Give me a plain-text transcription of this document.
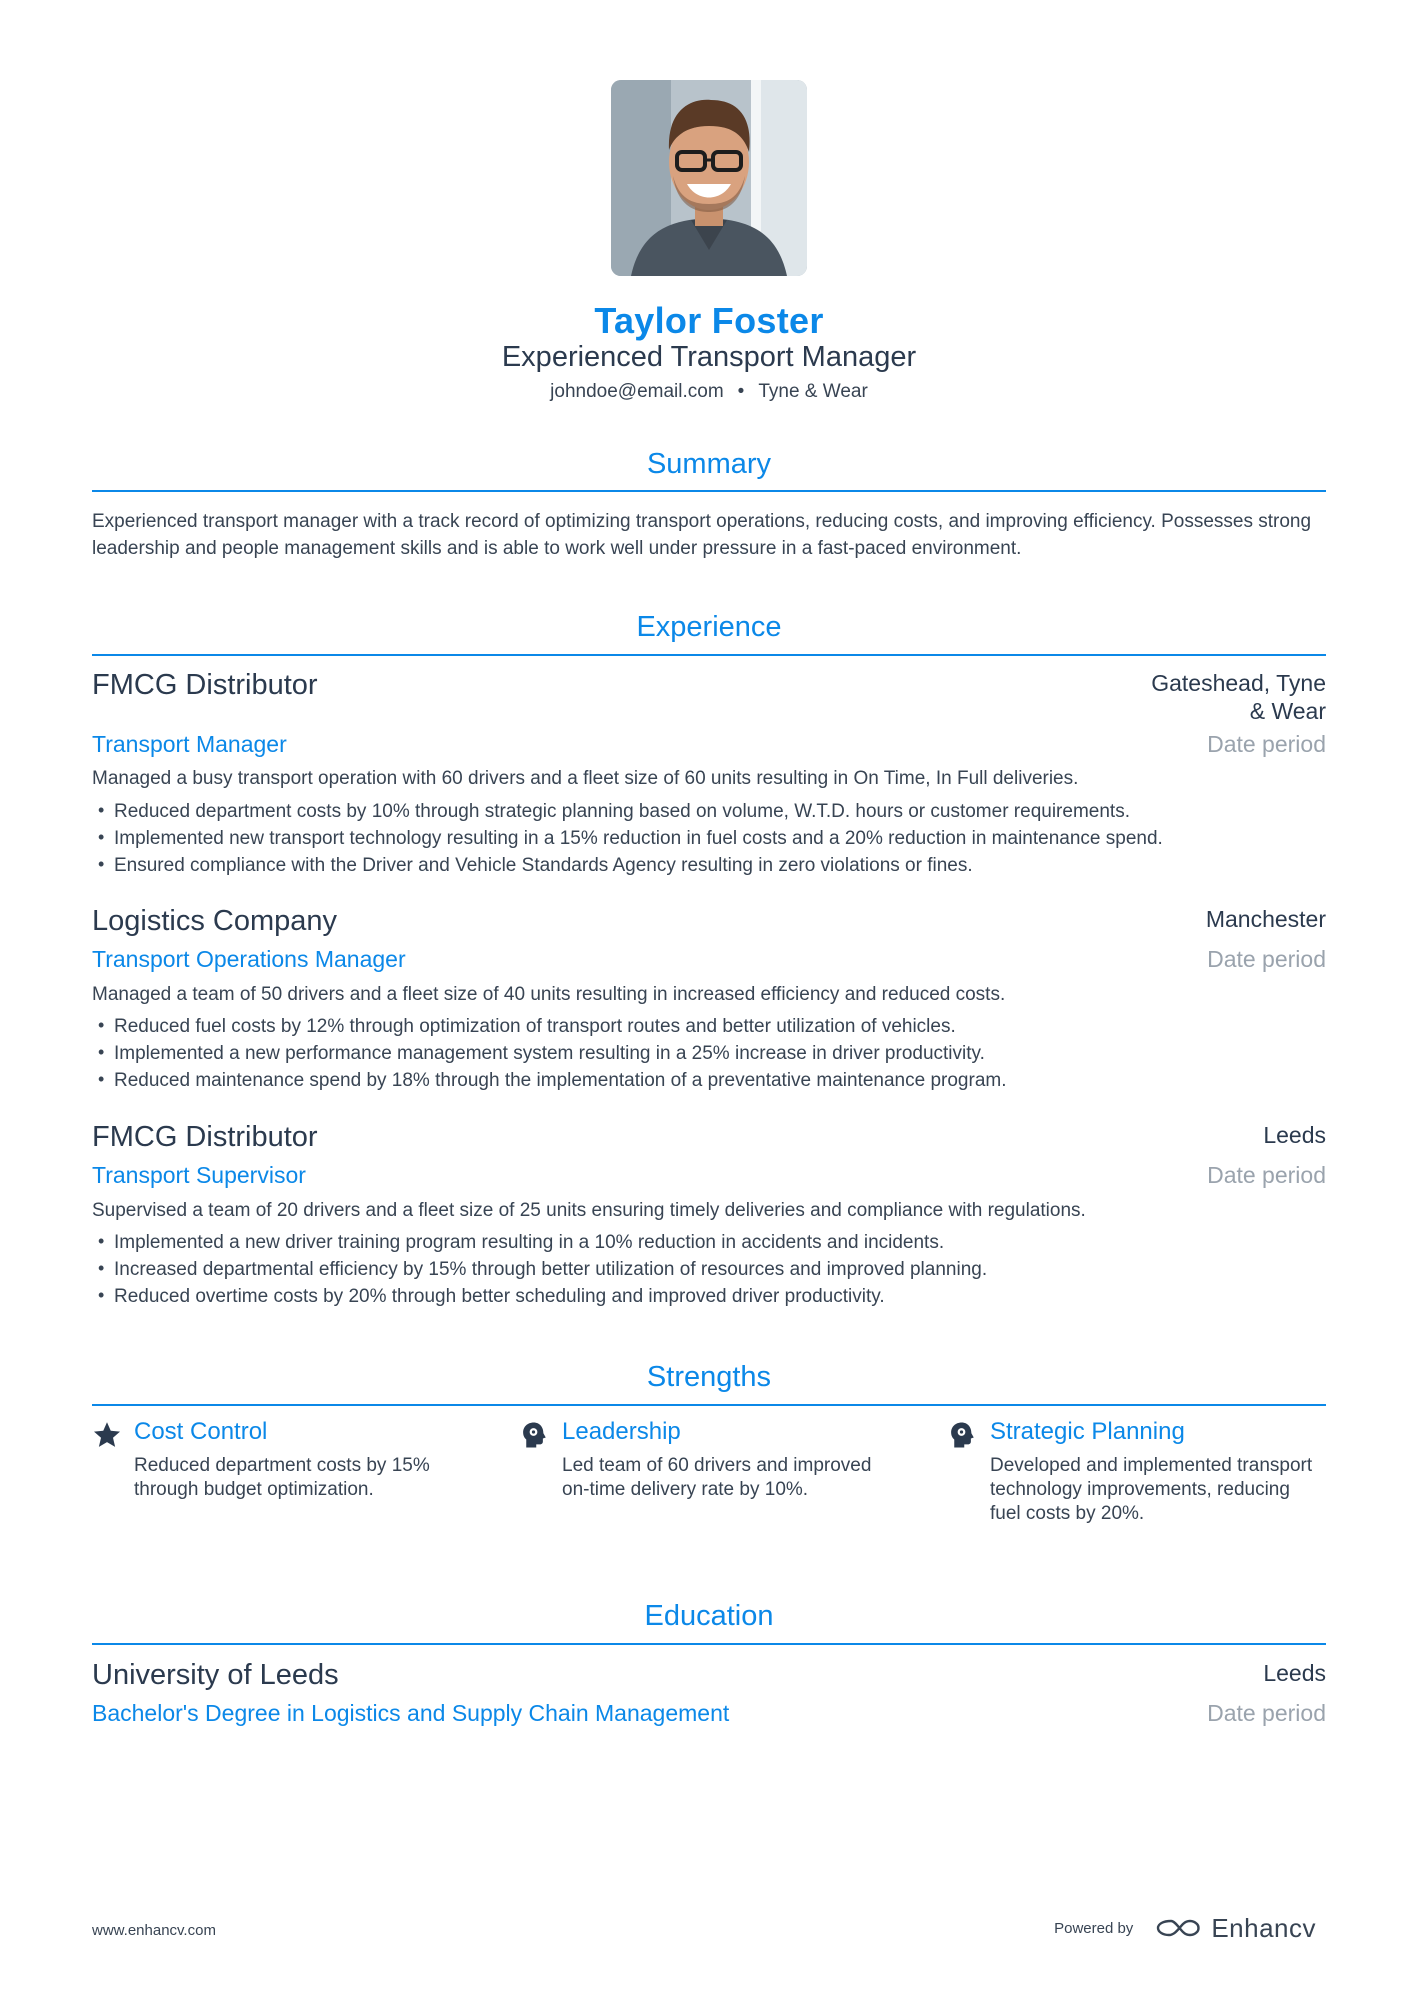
Taylor Foster
Experienced Transport Manager
johndoe@email.com • Tyne & Wear
Summary
Experienced transport manager with a track record of optimizing transport operations, reducing costs, and improving efficiency. Possesses strong leadership and people management skills and is able to work well under pressure in a fast-paced environment.
Experience
FMCG Distributor	Gateshead, Tyne
& Wear
Transport Manager	Date period
Managed a busy transport operation with 60 drivers and a fleet size of 60 units resulting in On Time, In Full deliveries.
• Reduced department costs by 10% through strategic planning based on volume, W.T.D. hours or customer requirements.
• Implemented new transport technology resulting in a 15% reduction in fuel costs and a 20% reduction in maintenance spend.
• Ensured compliance with the Driver and Vehicle Standards Agency resulting in zero violations or fines.
Logistics Company	Manchester
Transport Operations Manager	Date period
Managed a team of 50 drivers and a fleet size of 40 units resulting in increased efficiency and reduced costs.
• Reduced fuel costs by 12% through optimization of transport routes and better utilization of vehicles.
• Implemented a new performance management system resulting in a 25% increase in driver productivity.
• Reduced maintenance spend by 18% through the implementation of a preventative maintenance program.
FMCG Distributor	Leeds
Transport Supervisor	Date period
Supervised a team of 20 drivers and a fleet size of 25 units ensuring timely deliveries and compliance with regulations.
• Implemented a new driver training program resulting in a 10% reduction in accidents and incidents.
• Increased departmental efficiency by 15% through better utilization of resources and improved planning.
• Reduced overtime costs by 20% through better scheduling and improved driver productivity.
Strengths
Cost Control
Reduced department costs by 15% through budget optimization.
Leadership
Led team of 60 drivers and improved on-time delivery rate by 10%.
Strategic Planning
Developed and implemented transport technology improvements, reducing fuel costs by 20%.
Education
University of Leeds	Leeds
Bachelor's Degree in Logistics and Supply Chain Management	Date period
www.enhancv.com	Powered by	Enhancv
